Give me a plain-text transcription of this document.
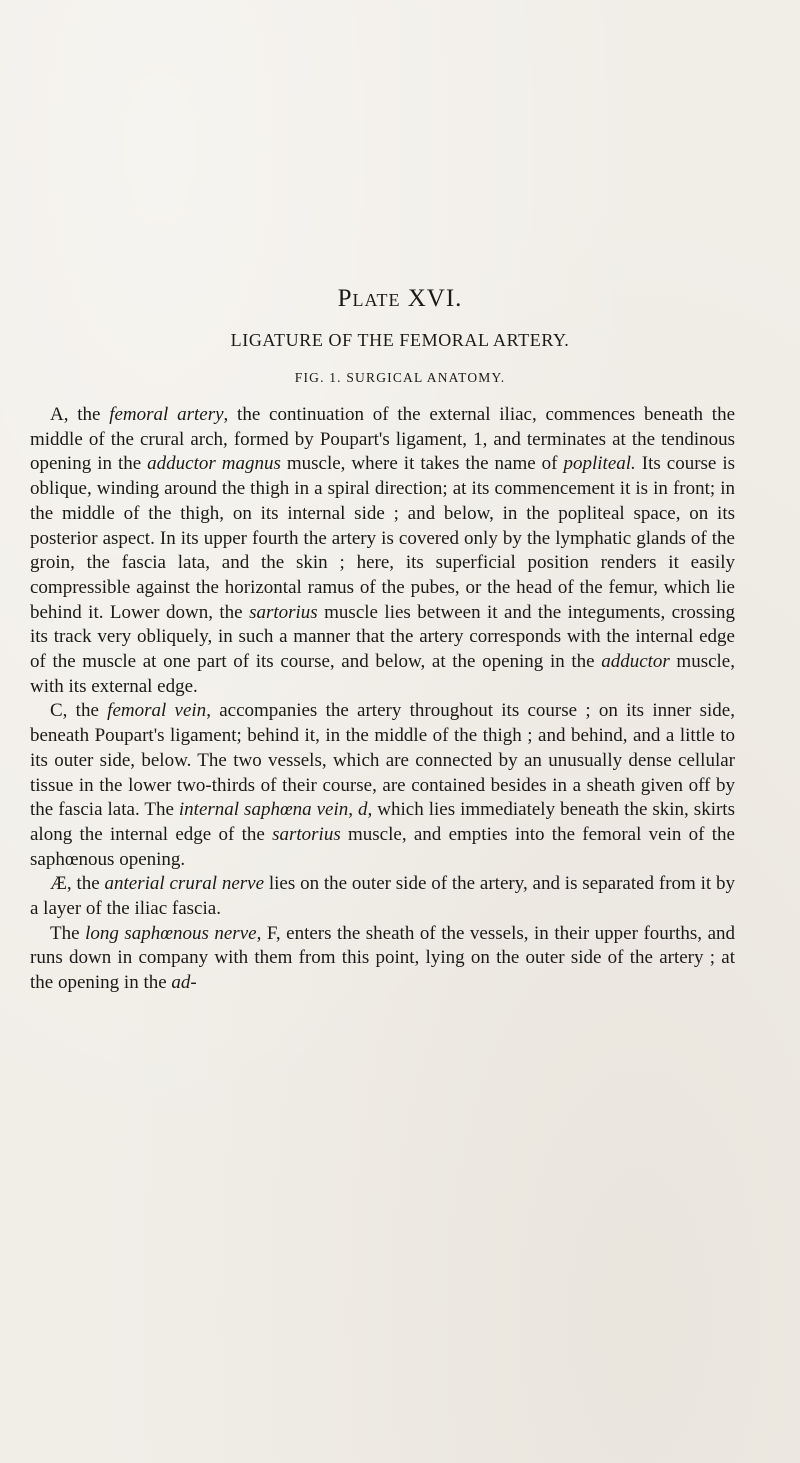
Plate XVI.
LIGATURE OF THE FEMORAL ARTERY.
FIG. 1. SURGICAL ANATOMY.

A, the femoral artery, the continuation of the external iliac, commences beneath the middle of the crural arch, formed by Poupart's ligament, 1, and terminates at the tendinous opening in the adductor magnus muscle, where it takes the name of popliteal. Its course is oblique, winding around the thigh in a spiral direction; at its commencement it is in front; in the middle of the thigh, on its internal side ; and below, in the popliteal space, on its posterior aspect. In its upper fourth the artery is covered only by the lymphatic glands of the groin, the fascia lata, and the skin ; here, its superficial position renders it easily compressible against the horizontal ramus of the pubes, or the head of the femur, which lie behind it. Lower down, the sartorius muscle lies between it and the integuments, crossing its track very obliquely, in such a manner that the artery corresponds with the internal edge of the muscle at one part of its course, and below, at the opening in the adductor muscle, with its external edge.

C, the femoral vein, accompanies the artery throughout its course ; on its inner side, beneath Poupart's ligament; behind it, in the middle of the thigh ; and behind, and a little to its outer side, below. The two vessels, which are connected by an unusually dense cellular tissue in the lower two-thirds of their course, are contained besides in a sheath given off by the fascia lata. The internal saphœna vein, d, which lies immediately beneath the skin, skirts along the internal edge of the sartorius muscle, and empties into the femoral vein of the saphœnous opening.

Æ, the anterial crural nerve lies on the outer side of the artery, and is separated from it by a layer of the iliac fascia.

The long saphœnous nerve, F, enters the sheath of the vessels, in their upper fourths, and runs down in company with them from this point, lying on the outer side of the artery ; at the opening in the ad-
